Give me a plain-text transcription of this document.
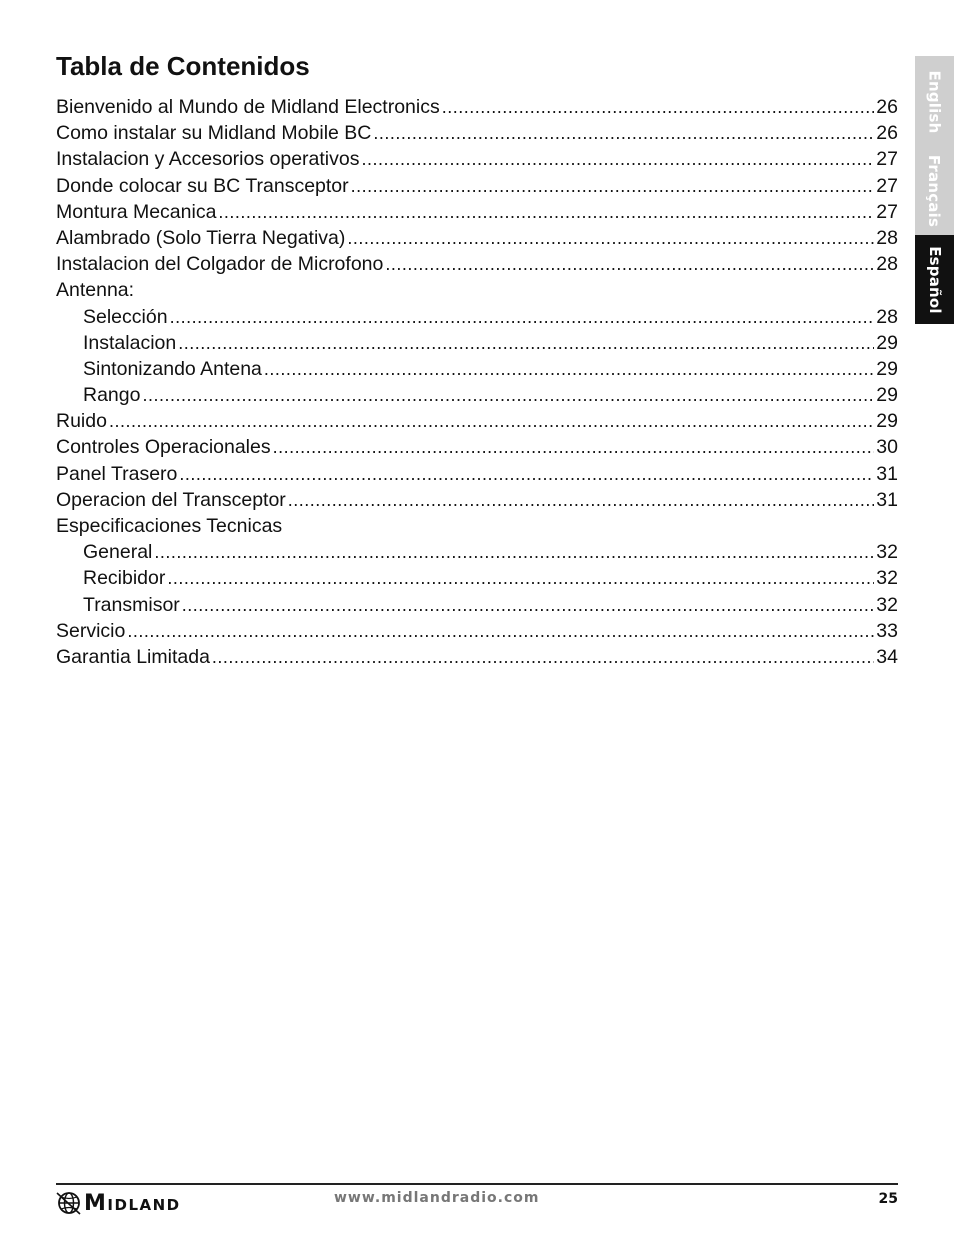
Tabla de Contenidos
Bienvenido al Mundo de Midland Electronics .....	26
Como instalar su Midland Mobile BC .....	26
Instalacion y Accesorios operativos .....	27
Donde colocar su BC Transceptor .....	27
Montura Mecanica .....	27
Alambrado (Solo Tierra Negativa) .....	28
Instalacion del Colgador de Microfono .....	28
Antenna:
Selección .....	28
Instalacion .....	29
Sintonizando Antena .....	29
Rango .....	29
Ruido .....	29
Controles Operacionales .....	30
Panel Trasero .....	31
Operacion del Transceptor .....	31
Especificaciones Tecnicas
General .....	32
Recibidor .....	32
Transmisor .....	32
Servicio .....	33
Garantia Limitada .....	34
English
Français
Español
MIDLAND	www.midlandradio.com	25
